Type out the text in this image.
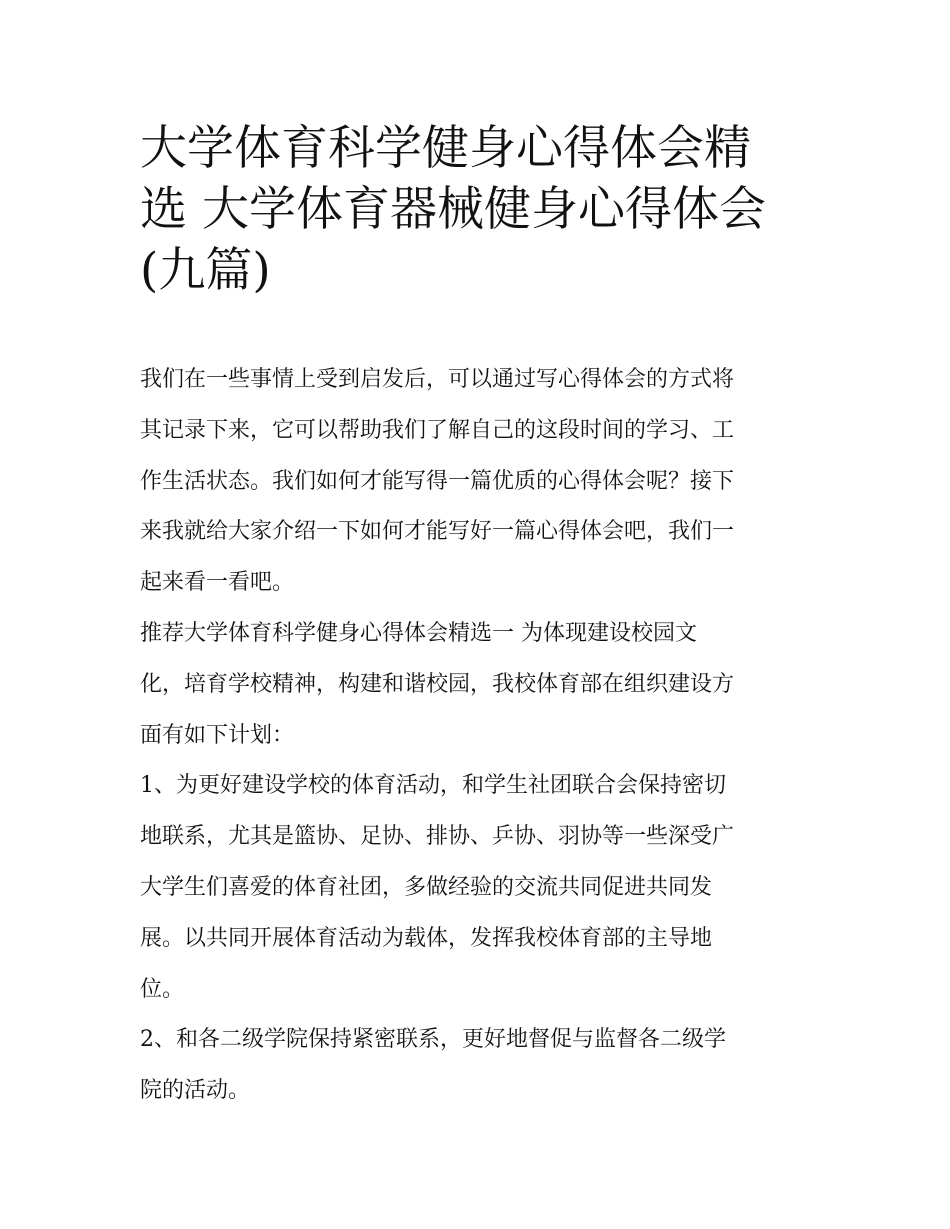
大学体育科学健身心得体会精
选 大学体育器械健身心得体会
(九篇)
我们在一些事情上受到启发后，可以通过写心得体会的方式将
其记录下来，它可以帮助我们了解自己的这段时间的学习、工
作生活状态。我们如何才能写得一篇优质的心得体会呢？接下
来我就给大家介绍一下如何才能写好一篇心得体会吧，我们一
起来看一看吧。
推荐大学体育科学健身心得体会精选一 为体现建设校园文
化，培育学校精神，构建和谐校园，我校体育部在组织建设方
面有如下计划：
1、为更好建设学校的体育活动，和学生社团联合会保持密切
地联系，尤其是篮协、足协、排协、乒协、羽协等一些深受广
大学生们喜爱的体育社团，多做经验的交流共同促进共同发
展。以共同开展体育活动为载体，发挥我校体育部的主导地
位。
2、和各二级学院保持紧密联系，更好地督促与监督各二级学
院的活动。
